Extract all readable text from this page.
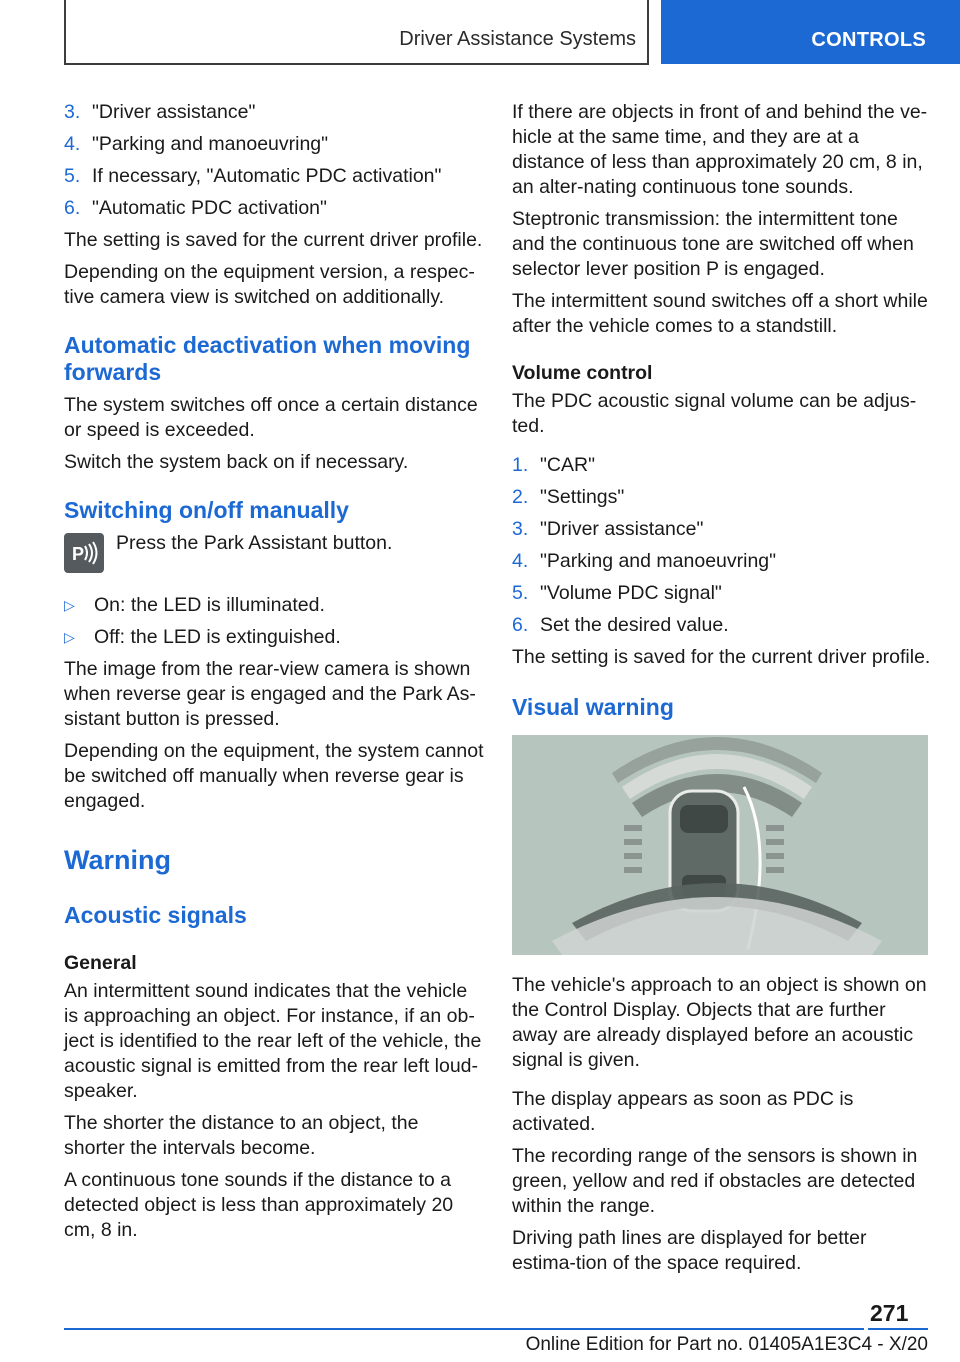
Driver Assistance Systems	CONTROLS
3. "Driver assistance"
4. "Parking and manoeuvring"
5. If necessary, "Automatic PDC activation"
6. "Automatic PDC activation"

The setting is saved for the current driver profile.

Depending on the equipment version, a respec-tive camera view is switched on additionally.

Automatic deactivation when moving forwards

The system switches off once a certain distance or speed is exceeded.

Switch the system back on if necessary.

Switching on/off manually
P Press the Park Assistant button.
▷ On: the LED is illuminated.
▷ Off: the LED is extinguished.

The image from the rear-view camera is shown when reverse gear is engaged and the Park As-sistant button is pressed.

Depending on the equipment, the system cannot be switched off manually when reverse gear is engaged.

Warning
Acoustic signals
General

An intermittent sound indicates that the vehicle is approaching an object. For instance, if an ob-ject is identified to the rear left of the vehicle, the acoustic signal is emitted from the rear left loud-speaker.

The shorter the distance to an object, the shorter the intervals become.

A continuous tone sounds if the distance to a detected object is less than approximately 20 cm, 8 in.

If there are objects in front of and behind the ve-hicle at the same time, and they are at a distance of less than approximately 20 cm, 8 in, an alter-nating continuous tone sounds.

Steptronic transmission: the intermittent tone and the continuous tone are switched off when selector lever position P is engaged.

The intermittent sound switches off a short while after the vehicle comes to a standstill.

Volume control

The PDC acoustic signal volume can be adjus-ted.

1. "CAR"
2. "Settings"
3. "Driver assistance"
4. "Parking and manoeuvring"
5. "Volume PDC signal"
6. Set the desired value.

The setting is saved for the current driver profile.

Visual warning

The vehicle's approach to an object is shown on the Control Display. Objects that are further away are already displayed before an acoustic signal is given.

The display appears as soon as PDC is activated.

The recording range of the sensors is shown in green, yellow and red if obstacles are detected within the range.

Driving path lines are displayed for better estima-tion of the space required.

271
Online Edition for Part no. 01405A1E3C4 - X/20
